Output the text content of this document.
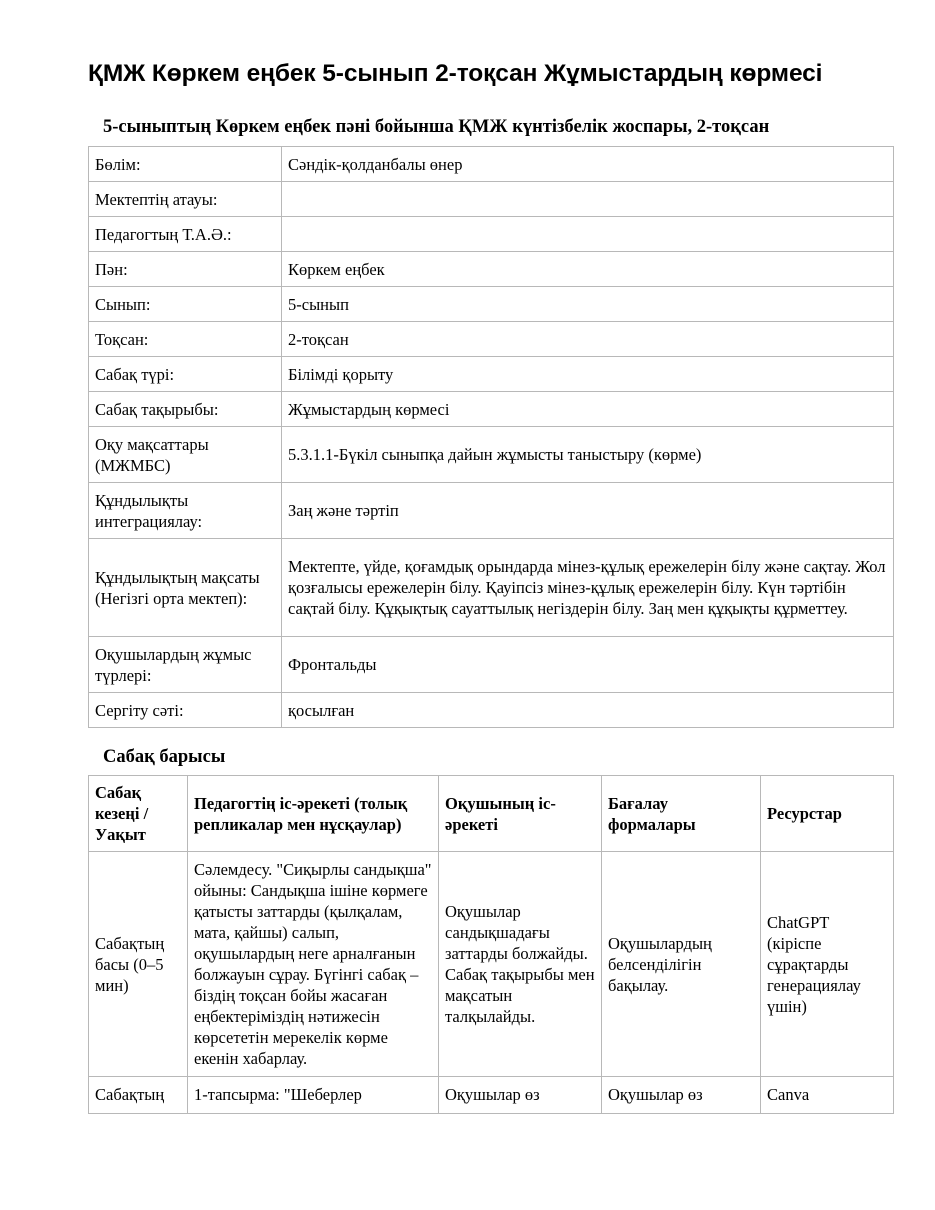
ҚМЖ Көркем еңбек 5-сынып 2-тоқсан Жұмыстардың көрмесі
5-сыныптың Көркем еңбек пәні бойынша ҚМЖ күнтізбелік жоспары, 2-тоқсан
Бөлім:	Сәндік-қолданбалы өнер
Мектептің атауы:	
Педагогтың Т.А.Ә.:	
Пән:	Көркем еңбек
Сынып:	5-сынып
Тоқсан:	2-тоқсан
Сабақ түрі:	Білімді қорыту
Сабақ тақырыбы:	Жұмыстардың көрмесі
Оқу мақсаттары (МЖМБС)	5.3.1.1-Бүкіл сыныпқа дайын жұмысты таныстыру (көрме)
Құндылықты интеграциялау:	Заң және тәртіп
Құндылықтың мақсаты (Негізгі орта мектеп):	Мектепте, үйде, қоғамдық орындарда мінез-құлық ережелерін білу және сақтау. Жол қозғалысы ережелерін білу. Қауіпсіз мінез-құлық ережелерін білу. Күн тәртібін сақтай білу. Құқықтық сауаттылық негіздерін білу. Заң мен құқықты құрметтеу.
Оқушылардың жұмыс түрлері:	Фронтальды
Сергіту сәті:	қосылған
Сабақ барысы
Сабақ кезеңі / Уақыт	Педагогтің іс-әрекеті (толық репликалар мен нұсқаулар)	Оқушының іс-әрекеті	Бағалау формалары	Ресурстар
Сабақтың басы (0–5 мин)	Сәлемдесу. "Сиқырлы сандықша" ойыны: Сандықша ішіне көрмеге қатысты заттарды (қылқалам, мата, қайшы) салып, оқушылардың неге арналғанын болжауын сұрау. Бүгінгі сабақ – біздің тоқсан бойы жасаған еңбектеріміздің нәтижесін көрсететін мерекелік көрме екенін хабарлау.	Оқушылар сандықшадағы заттарды болжайды. Сабақ тақырыбы мен мақсатын талқылайды.	Оқушылардың белсенділігін бақылау.	ChatGPT (кіріспе сұрақтарды генерациялау үшін)
Сабақтың	1-тапсырма: "Шеберлер	Оқушылар өз	Оқушылар өз	Canva
